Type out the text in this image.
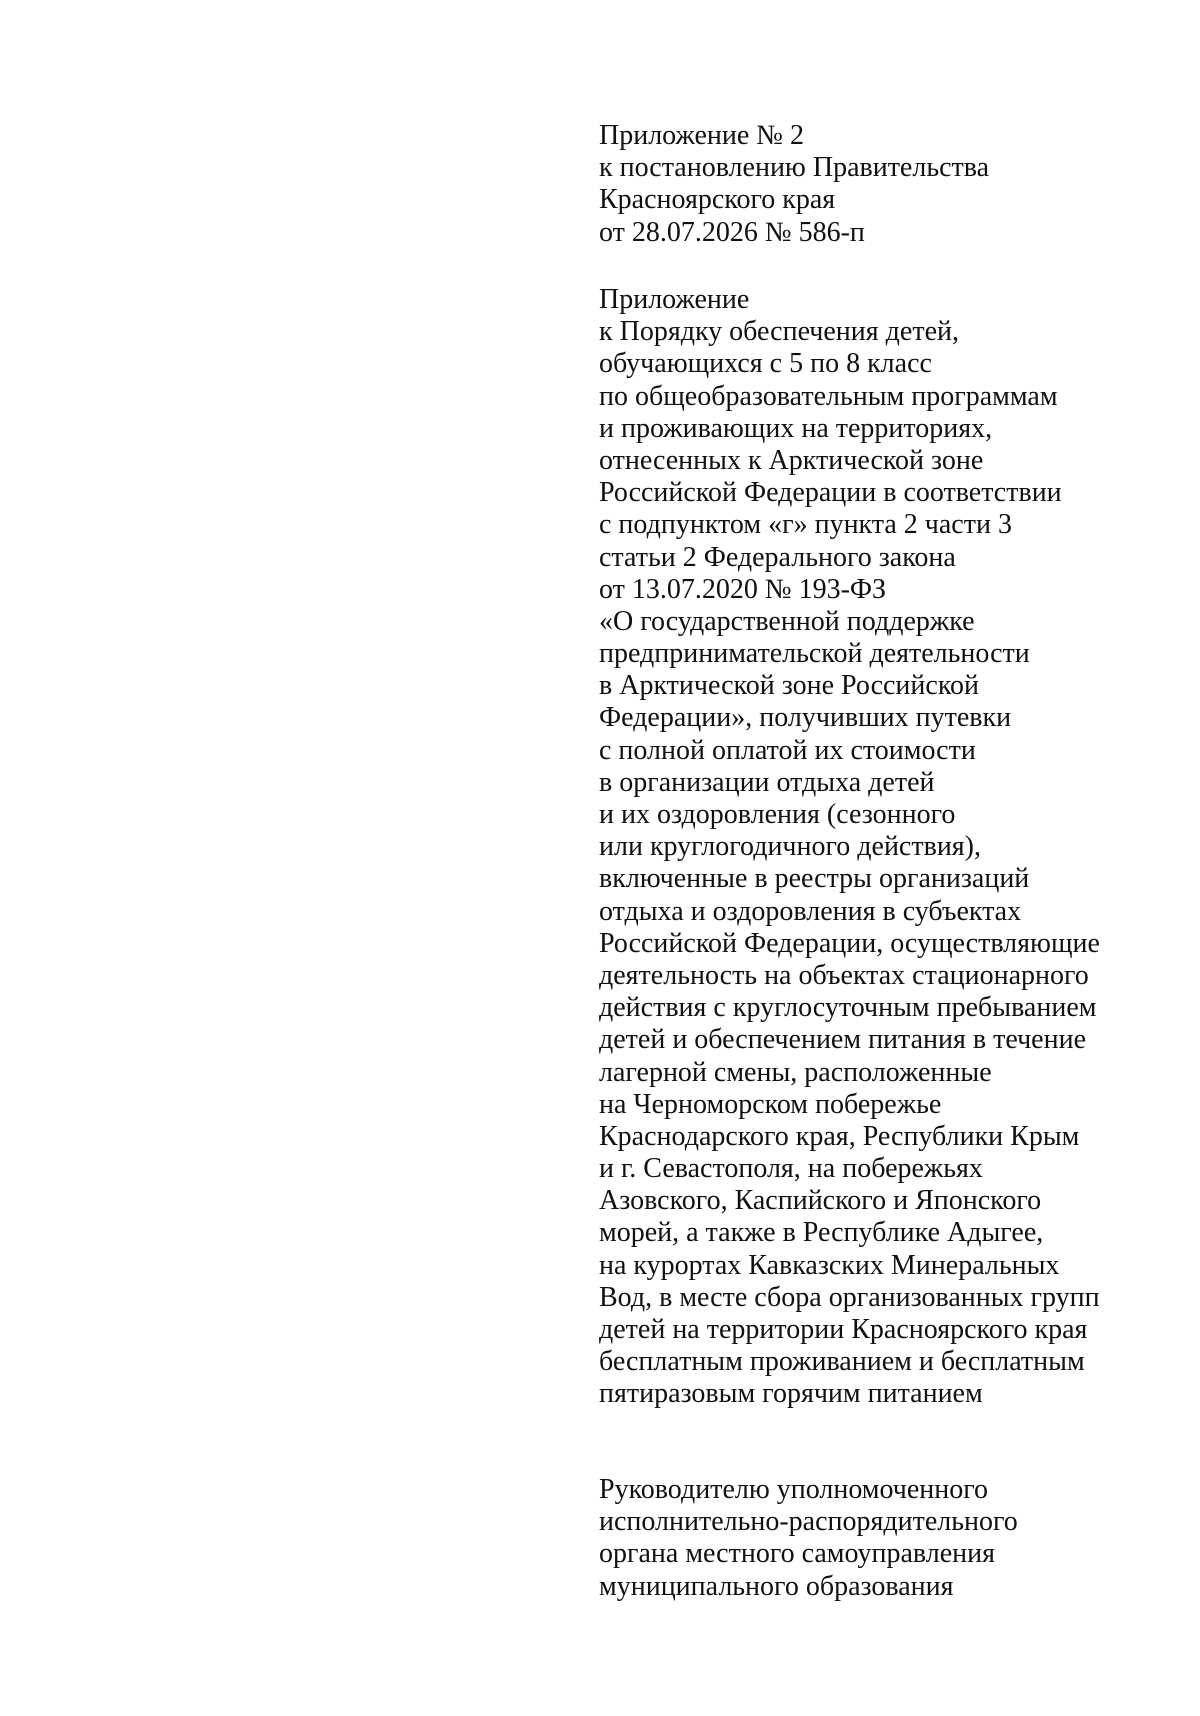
Приложение № 2
к постановлению Правительства
Красноярского края
от 28.07.2026 № 586-п
Приложение
к Порядку обеспечения детей,
обучающихся с 5 по 8 класс
по общеобразовательным программам
и проживающих на территориях,
отнесенных к Арктической зоне
Российской Федерации в соответствии
с подпунктом «г» пункта 2 части 3
статьи 2 Федерального закона
от 13.07.2020 № 193-ФЗ
«О государственной поддержке
предпринимательской деятельности
в Арктической зоне Российской
Федерации», получивших путевки
с полной оплатой их стоимости
в организации отдыха детей
и их оздоровления (сезонного
или круглогодичного действия),
включенные в реестры организаций
отдыха и оздоровления в субъектах
Российской Федерации, осуществляющие
деятельность на объектах стационарного
действия с круглосуточным пребыванием
детей и обеспечением питания в течение
лагерной смены, расположенные
на Черноморском побережье
Краснодарского края, Республики Крым
и г. Севастополя, на побережьях
Азовского, Каспийского и Японского
морей, а также в Республике Адыгее,
на курортах Кавказских Минеральных
Вод, в месте сбора организованных групп
детей на территории Красноярского края
бесплатным проживанием и бесплатным
пятиразовым горячим питанием
Руководителю уполномоченного
исполнительно-распорядительного
органа местного самоуправления
муниципального образования
